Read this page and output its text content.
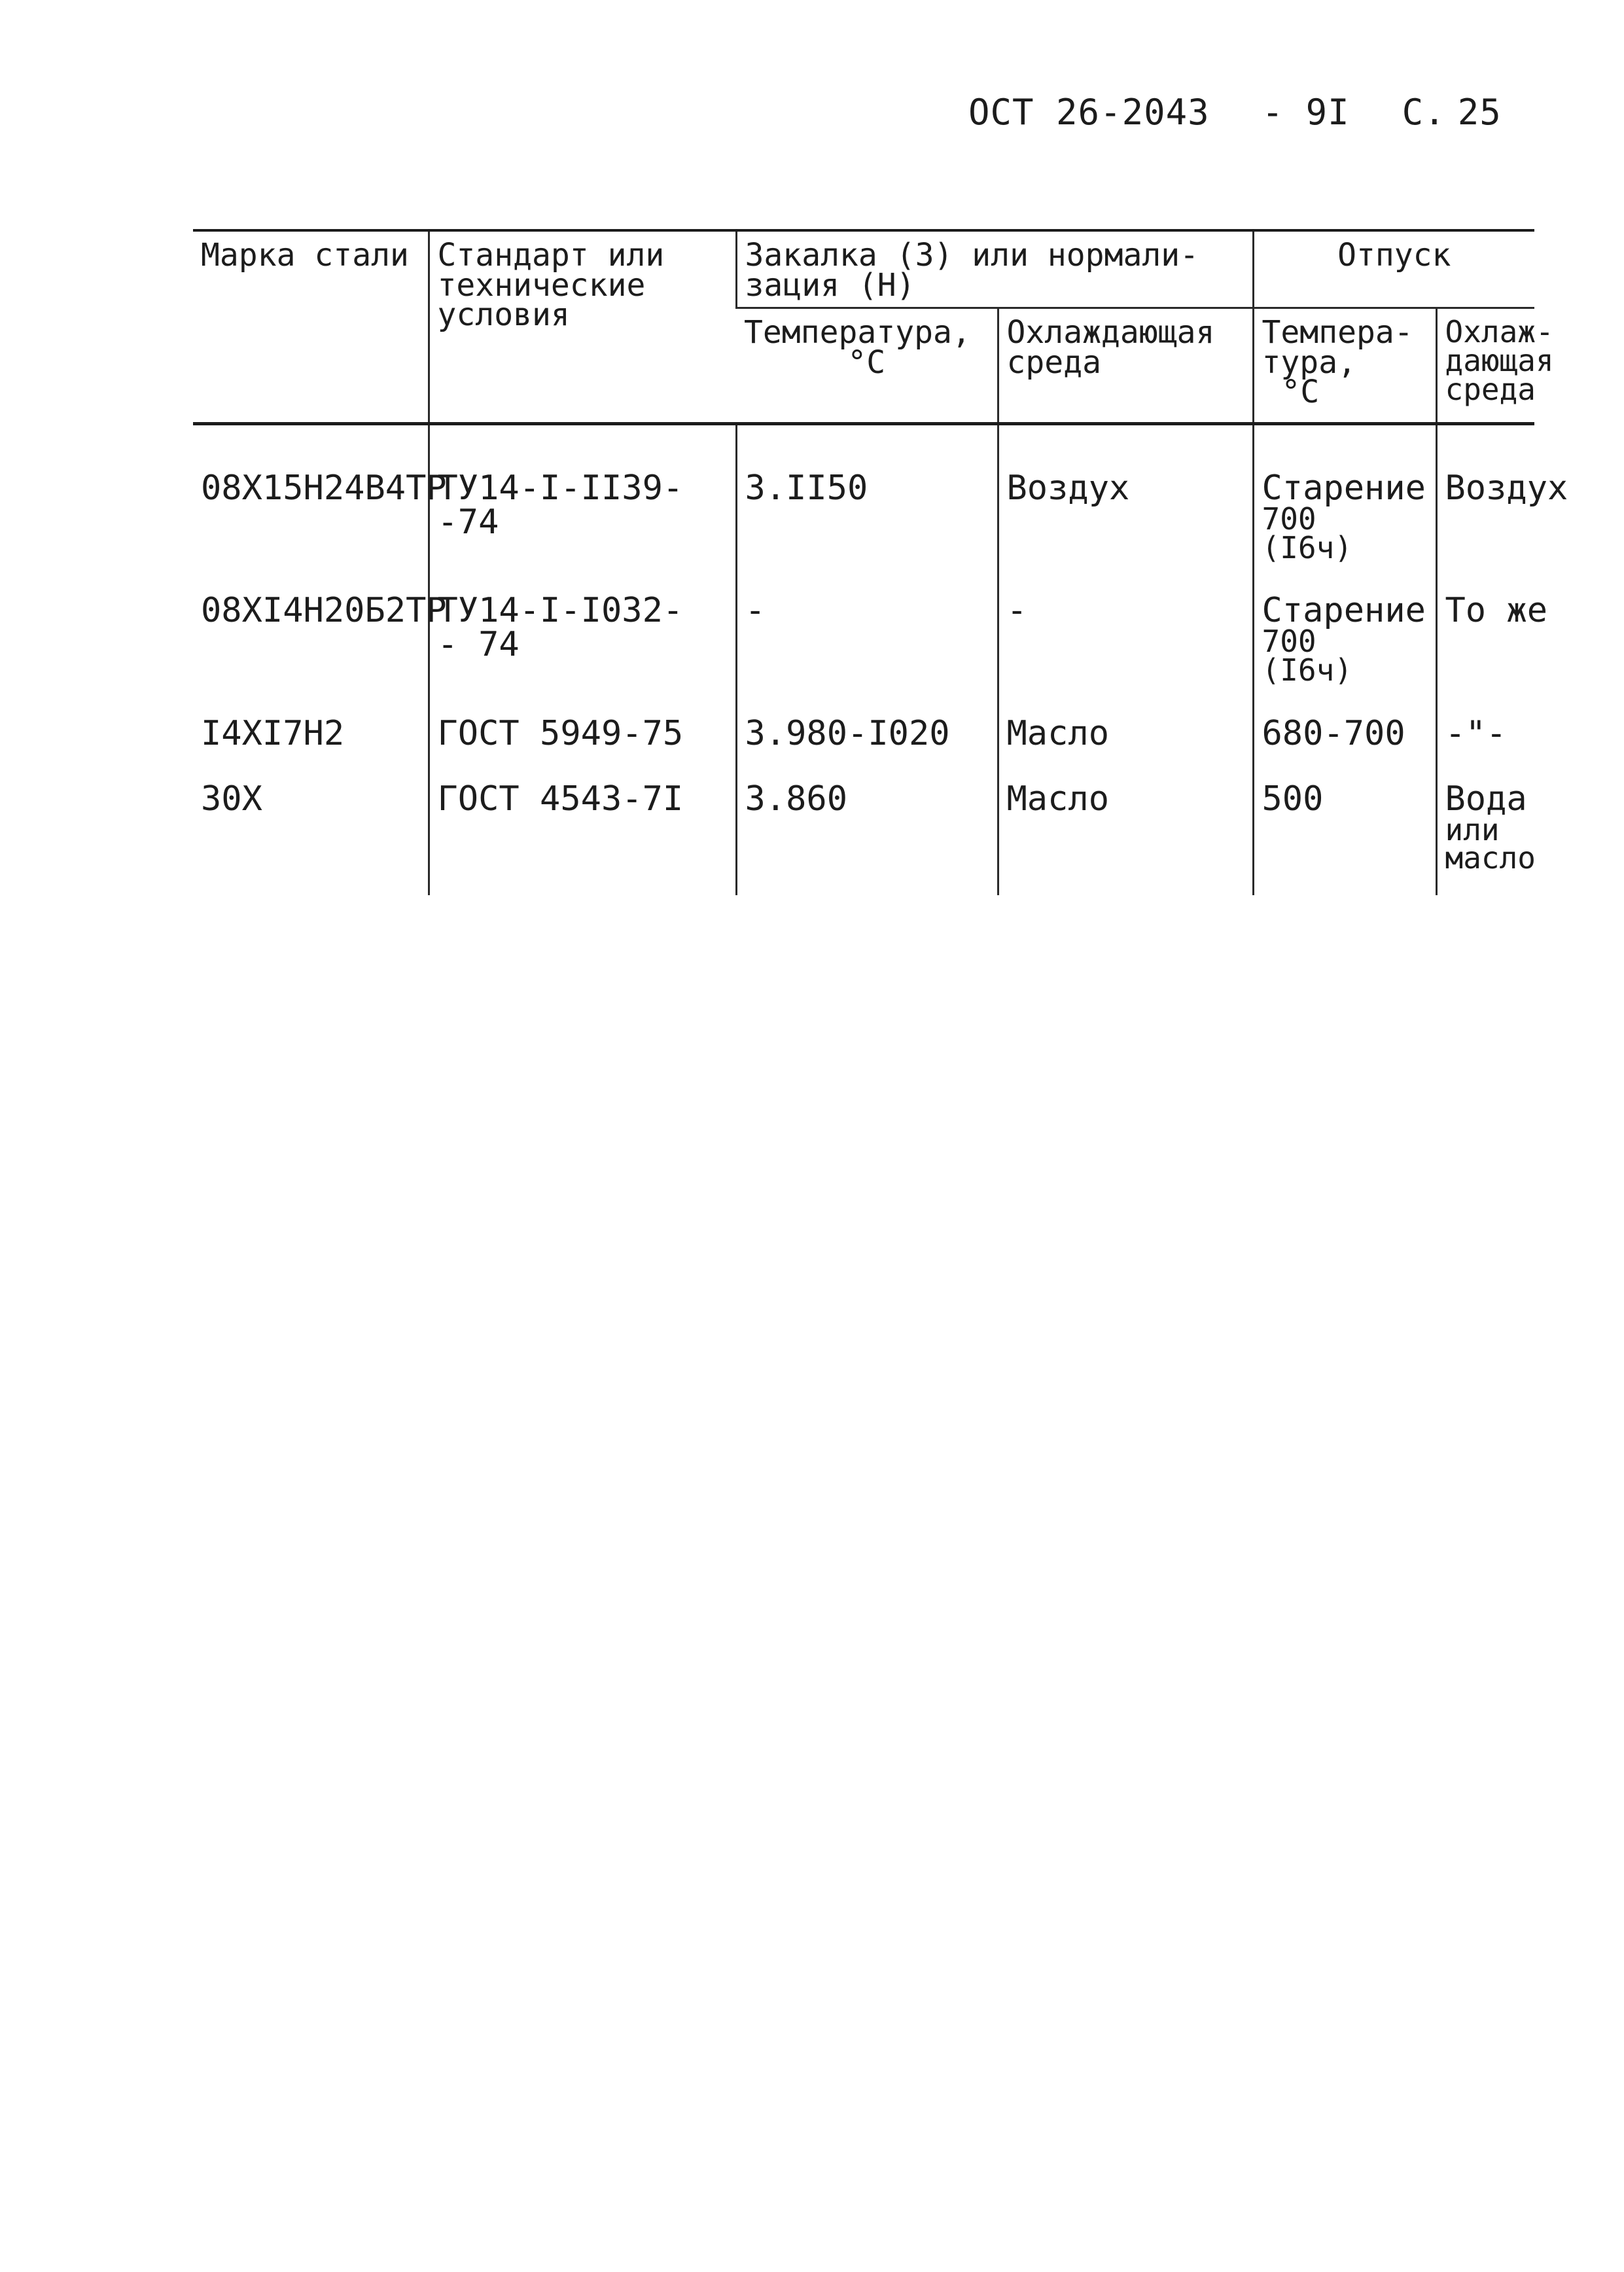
ОСТ 26-2043 - 9I С. 25
Марка стали	Стандарт или
технические
условия	Закалка (З) или нормали-
зация (Н)		Отпуск	

		Температура,
°С	Охлаждающая
среда	Темпера-
тура,
°С	Охлаж-
дающая
среда

08Х15Н24В4ТР	ТУ14-I-II39-
-74	З.II50	Воздух	Старение
700
(I6ч)	Воздух

08ХI4Н20Б2ТР	ТУ14-I-I032-
- 74	-	-	Старение
700
(I6ч)	То же

I4ХI7Н2	ГОСТ 5949-75	З.980-I020	Масло	680-700	-"-

30Х	ГОСТ 4543-7I	З.860	Масло	500	Вода
или
масло
